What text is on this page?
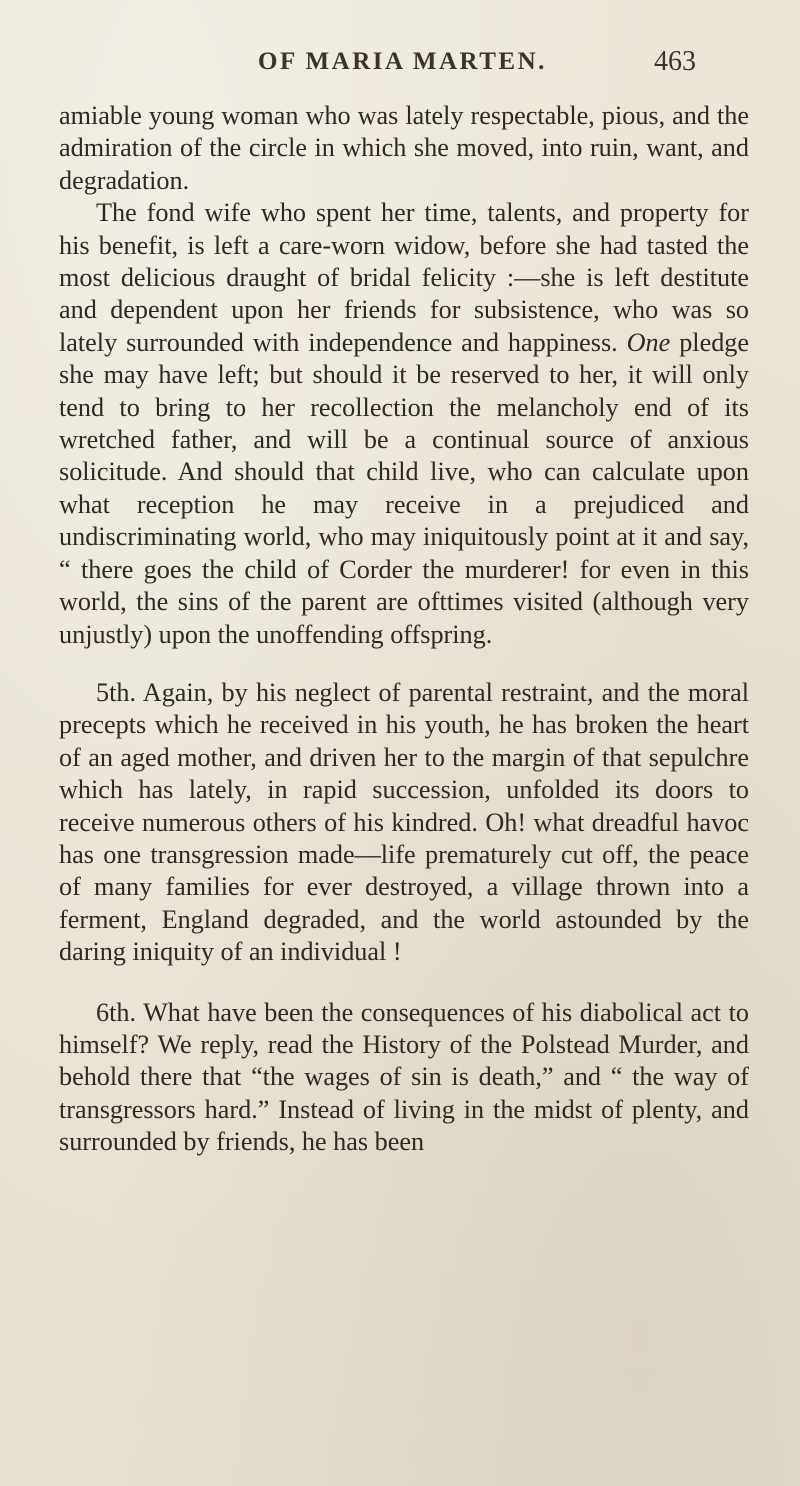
OF MARIA MARTEN.	463

amiable young woman who was lately respectable, pious, and the admiration of the circle in which she moved, into ruin, want, and degradation.

The fond wife who spent her time, talents, and property for his benefit, is left a care-worn widow, before she had tasted the most delicious draught of bridal felicity :—she is left destitute and dependent upon her friends for subsistence, who was so lately surrounded with independence and happiness. One pledge she may have left; but should it be reserved to her, it will only tend to bring to her recollection the melancholy end of its wretched father, and will be a continual source of anxious solicitude. And should that child live, who can calculate upon what reception he may receive in a prejudiced and undiscriminating world, who may iniquitously point at it and say, “ there goes the child of Corder the murderer! for even in this world, the sins of the parent are ofttimes visited (although very unjustly) upon the unoffending offspring.

5th. Again, by his neglect of parental restraint, and the moral precepts which he received in his youth, he has broken the heart of an aged mother, and driven her to the margin of that sepulchre which has lately, in rapid succession, unfolded its doors to receive numerous others of his kindred. Oh! what dreadful havoc has one transgression made—life prematurely cut off, the peace of many families for ever destroyed, a village thrown into a ferment, England degraded, and the world astounded by the daring iniquity of an individual !

6th. What have been the consequences of his diabolical act to himself? We reply, read the History of the Polstead Murder, and behold there that “the wages of sin is death,” and “ the way of transgressors hard.” Instead of living in the midst of plenty, and surrounded by friends, he has been
